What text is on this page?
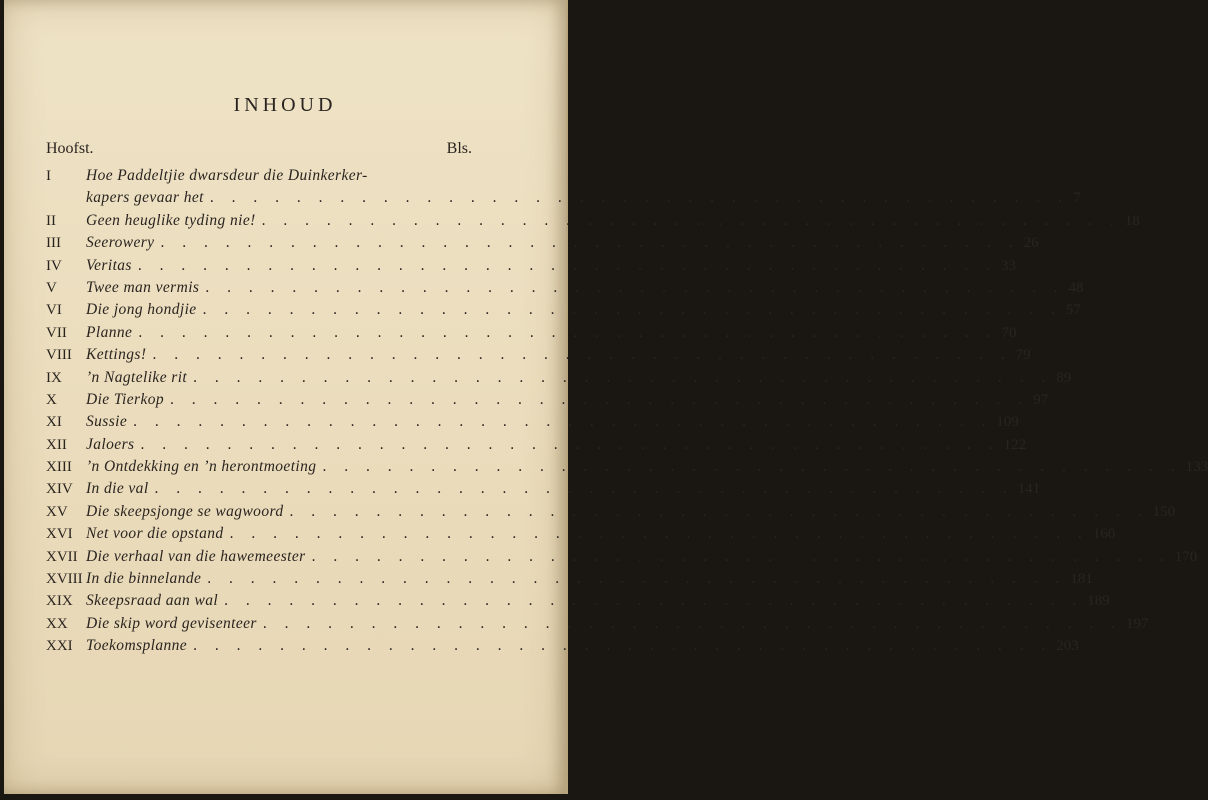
INHOUD
Hoofst.	Bls.
I	Hoe Paddeltjie dwarsdeur die Duinkerker-
kapers gevaar het . . . . . . . . . . . . . . . . . . . . . . . . . . . . . . . . . . . . . . . . 7
II	Geen heuglike tyding nie! . . . . . . . . . . . . . . . . . . . . . . . . . . . . . . . . . . . . . . . . 18
III	Seerowery . . . . . . . . . . . . . . . . . . . . . . . . . . . . . . . . . . . . . . . . 26
IV	Veritas . . . . . . . . . . . . . . . . . . . . . . . . . . . . . . . . . . . . . . . . 33
V	Twee man vermis . . . . . . . . . . . . . . . . . . . . . . . . . . . . . . . . . . . . . . . . 48
VI	Die jong hondjie . . . . . . . . . . . . . . . . . . . . . . . . . . . . . . . . . . . . . . . . 57
VII	Planne . . . . . . . . . . . . . . . . . . . . . . . . . . . . . . . . . . . . . . . . 70
VIII Kettings! . . . . . . . . . . . . . . . . . . . . . . . . . . . . . . . . . . . . . . . . 79
IX	’n Nagtelike rit . . . . . . . . . . . . . . . . . . . . . . . . . . . . . . . . . . . . . . . . 89
X	Die Tierkop . . . . . . . . . . . . . . . . . . . . . . . . . . . . . . . . . . . . . . . . 97
XI	Sussie . . . . . . . . . . . . . . . . . . . . . . . . . . . . . . . . . . . . . . . . 109
XII	Jaloers . . . . . . . . . . . . . . . . . . . . . . . . . . . . . . . . . . . . . . . . 122
XIII ’n Ontdekking en ’n herontmoeting . . . . . . . . . . . . . . . . . . . . . . . . . . . . . . . . . . . . . . . . 133
XIV In die val . . . . . . . . . . . . . . . . . . . . . . . . . . . . . . . . . . . . . . . . 141
XV	Die skeepsjonge se wagwoord . . . . . . . . . . . . . . . . . . . . . . . . . . . . . . . . . . . . . . . . 150
XVI Net voor die opstand . . . . . . . . . . . . . . . . . . . . . . . . . . . . . . . . . . . . . . . . 160
XVII Die verhaal van die hawemeester . . . . . . . . . . . . . . . . . . . . . . . . . . . . . . . . . . . . . . . . 170
XVIII In die binnelande . . . . . . . . . . . . . . . . . . . . . . . . . . . . . . . . . . . . . . . . 181
XIX Skeepsraad aan wal . . . . . . . . . . . . . . . . . . . . . . . . . . . . . . . . . . . . . . . . 189
XX	Die skip word gevisenteer . . . . . . . . . . . . . . . . . . . . . . . . . . . . . . . . . . . . . . . . 197
XXI Toekomsplanne . . . . . . . . . . . . . . . . . . . . . . . . . . . . . . . . . . . . . . . . 203
